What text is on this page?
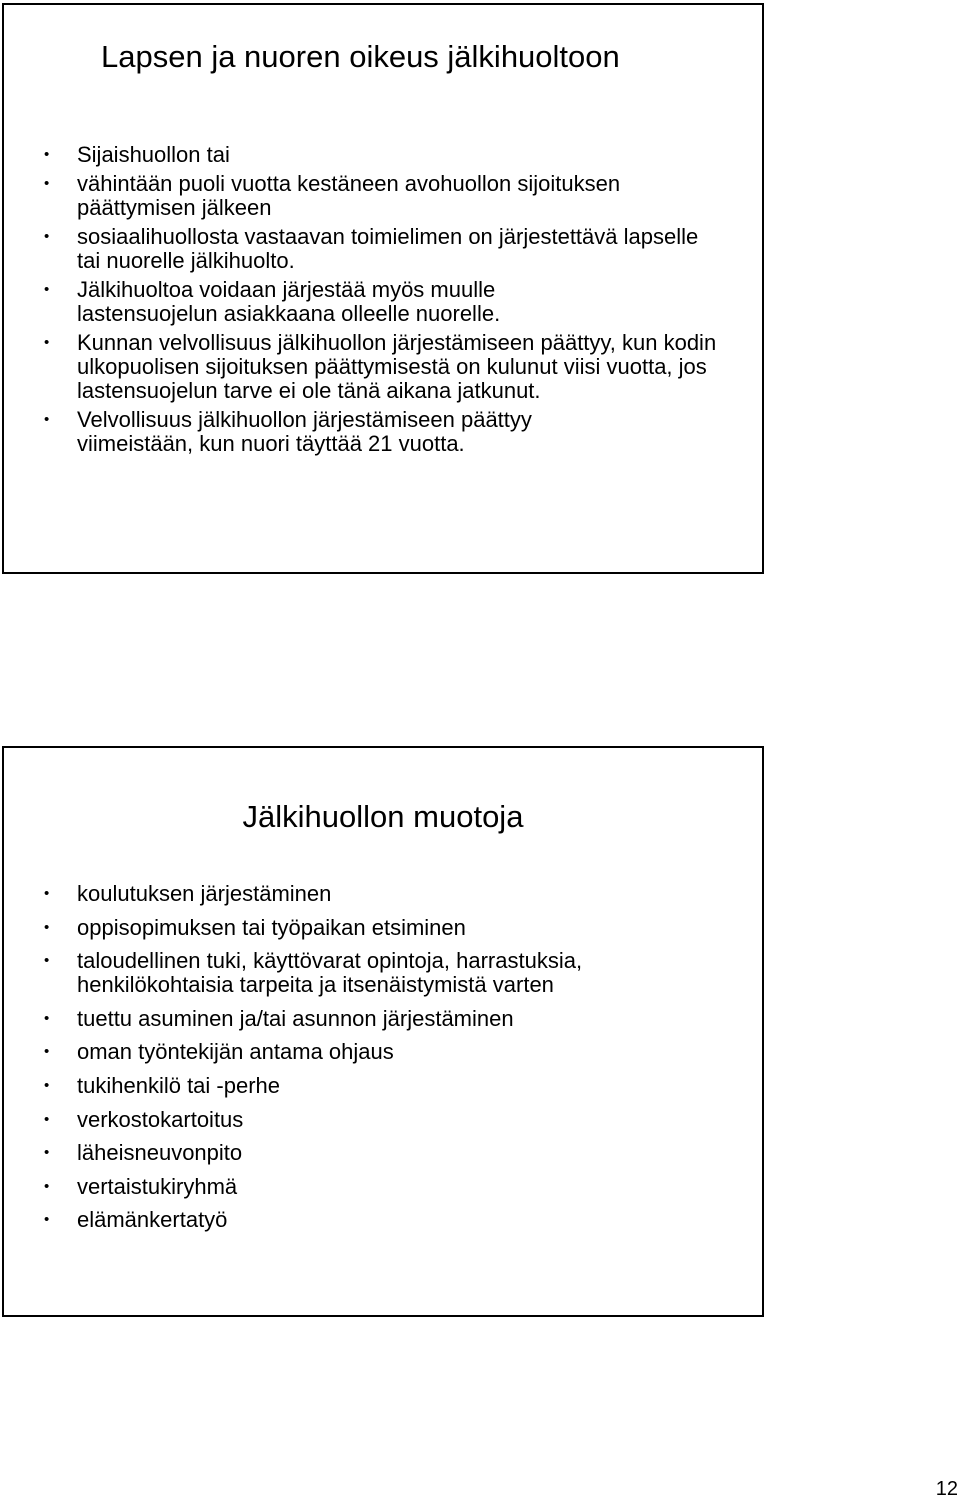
Lapsen ja nuoren oikeus jälkihuoltoon
• Sijaishuollon tai
• vähintään puoli vuotta kestäneen avohuollon sijoituksen päättymisen jälkeen
• sosiaalihuollosta vastaavan toimielimen on järjestettävä lapselle tai nuorelle jälkihuolto.
• Jälkihuoltoa voidaan järjestää myös muulle lastensuojelun asiakkaana olleelle nuorelle.
• Kunnan velvollisuus jälkihuollon järjestämiseen päättyy, kun kodin ulkopuolisen sijoituksen päättymisestä on kulunut viisi vuotta, jos lastensuojelun tarve ei ole tänä aikana jatkunut.
• Velvollisuus jälkihuollon järjestämiseen päättyy viimeistään, kun nuori täyttää 21 vuotta.
Jälkihuollon muotoja
• koulutuksen järjestäminen
• oppisopimuksen tai työpaikan etsiminen
• taloudellinen tuki, käyttövarat opintoja, harrastuksia, henkilökohtaisia tarpeita ja itsenäistymistä varten
• tuettu asuminen ja/tai asunnon järjestäminen
• oman työntekijän antama ohjaus
• tukihenkilö tai -perhe
• verkostokartoitus
• läheisneuvonpito
• vertaistukiryhmä
• elämänkertatyö
12
